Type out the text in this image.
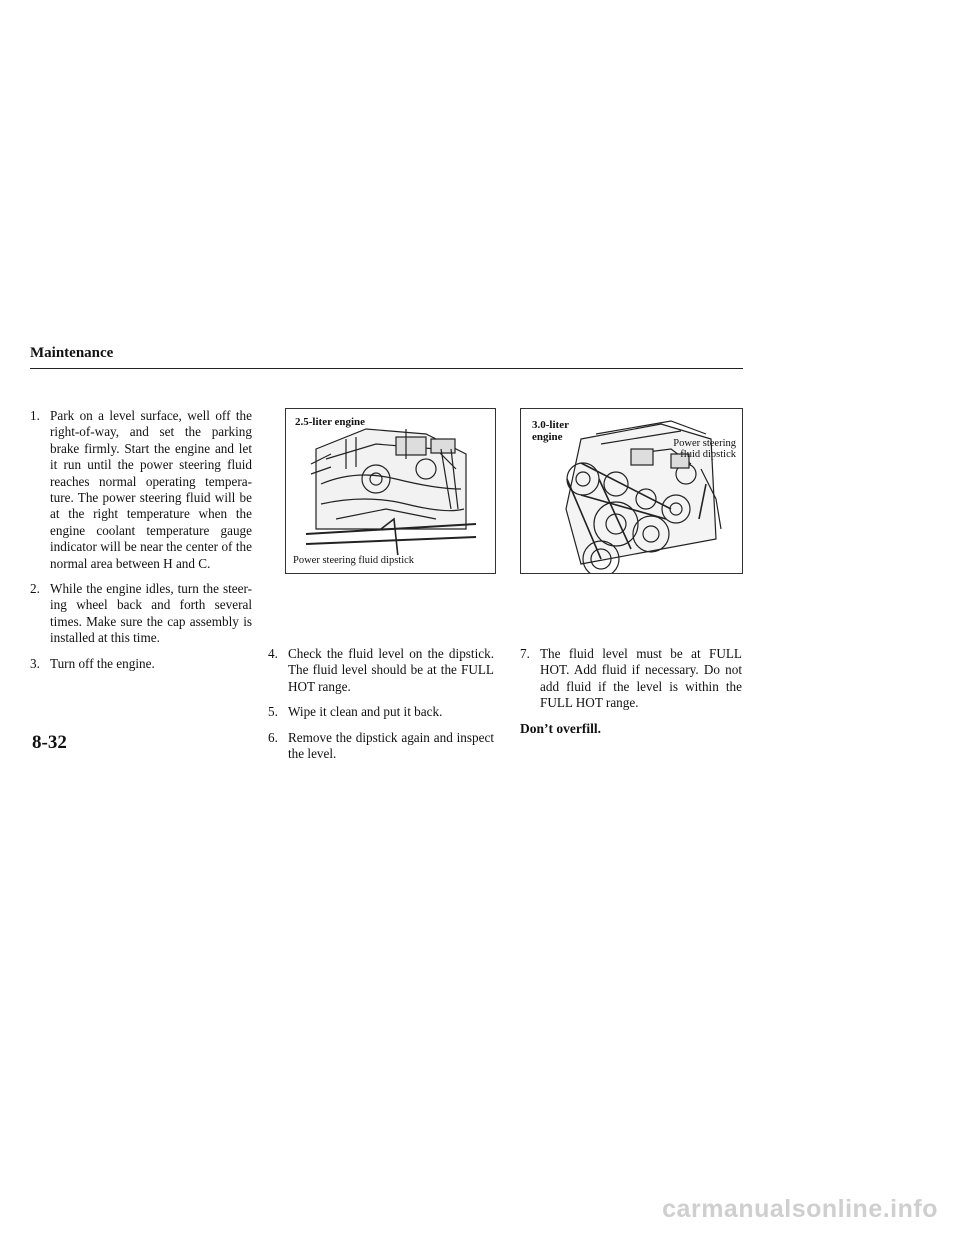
Maintenance
1. Park on a level surface, well off the right-of-way, and set the parking brake firmly. Start the engine and let it run until the power steering fluid reaches normal operating tempera-ture. The power steering fluid will be at the right temperature when the engine coolant temperature gauge indicator will be near the center of the normal area between H and C.
2. While the engine idles, turn the steer-ing wheel back and forth several times. Make sure the cap assembly is installed at this time.
3. Turn off the engine.
2.5-liter engine
Power steering fluid dipstick
3.0-liter engine
Power steering fluid dipstick
4. Check the fluid level on the dipstick. The fluid level should be at the FULL HOT range.
5. Wipe it clean and put it back.
6. Remove the dipstick again and inspect the level.
7. The fluid level must be at FULL HOT. Add fluid if necessary. Do not add fluid if the level is within the FULL HOT range.

Don’t overfill.

8-32
carmanualsonline.info
